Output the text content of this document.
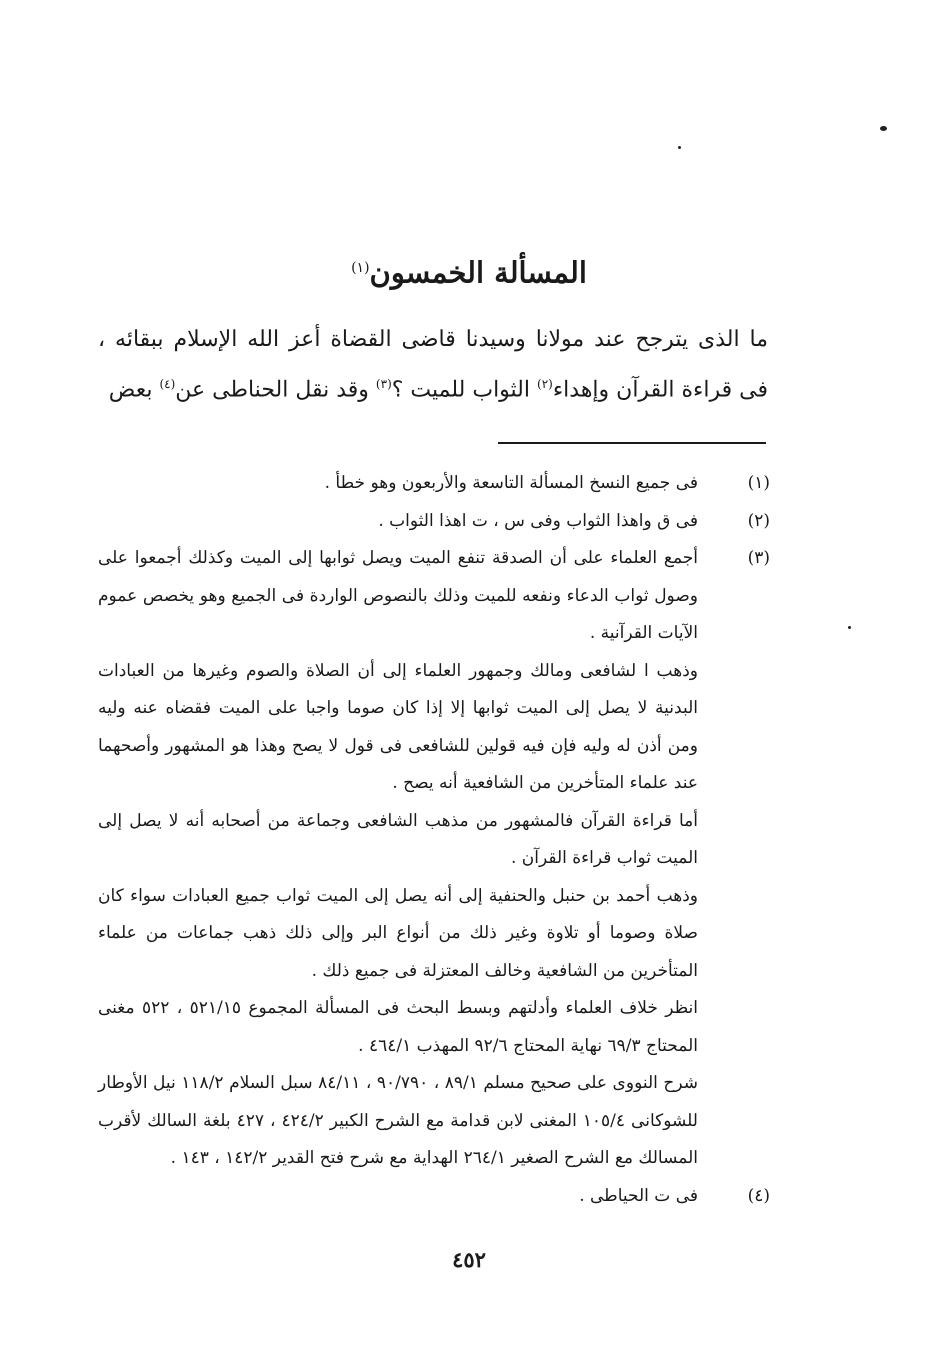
المسألة الخمسون$^{(١)}$
ما الذى يترجح عند مولانا وسيدنا قاضى القضاة أعز الله الإسلام ببقائه ، فى قراءة القرآن وإهداء$^{(٢)}$ الثواب للميت ؟$^{(٣)}$ وقد نقل الحناطى عن$^{(٤)}$ بعض
(١)

فى جميع النسخ المسألة التاسعة والأربعون وهو خطأ .

(٢)

فى ق واهذا الثواب وفى س ، ت اهذا الثواب .

(٣)

أجمع العلماء على أن الصدقة تنفع الميت ويصل ثوابها إلى الميت وكذلك أجمعوا على وصول ثواب الدعاء ونفعه للميت وذلك بالنصوص الواردة فى الجميع وهو يخصص عموم الآيات القرآنية .

وذهب ا لشافعى ومالك وجمهور العلماء إلى أن الصلاة والصوم وغيرها من العبادات البدنية لا يصل إلى الميت ثوابها إلا إذا كان صوما واجبا على الميت فقضاه عنه وليه ومن أذن له وليه فإن فيه قولين للشافعى فى قول لا يصح وهذا هو المشهور وأصحهما عند علماء المتأخرين من الشافعية أنه يصح .

أما قراءة القرآن فالمشهور من مذهب الشافعى وجماعة من أصحابه أنه لا يصل إلى الميت ثواب قراءة القرآن .

وذهب أحمد بن حنبل والحنفية إلى أنه يصل إلى الميت ثواب جميع العبادات سواء كان صلاة وصوما أو تلاوة وغير ذلك من أنواع البر وإلى ذلك ذهب جماعات من علماء المتأخرين من الشافعية وخالف المعتزلة فى جميع ذلك .

انظر خلاف العلماء وأدلتهم وبسط البحث فى المسألة المجموع ٥٢١/١٥ ، ٥٢٢ مغنى المحتاج ٦٩/٣ نهاية المحتاج ٩٢/٦ المهذب ٤٦٤/١ .

شرح النووى على صحيح مسلم ٨٩/١ ، ٩٠/٧٩٠ ، ٨٤/١١ سبل السلام ١١٨/٢ نيل الأوطار للشوكانى ١٠٥/٤ المغنى لابن قدامة مع الشرح الكبير ٤٢٤/٢ ، ٤٢٧ بلغة السالك لأقرب المسالك مع الشرح الصغير ٢٦٤/١ الهداية مع شرح فتح القدير ١٤٢/٢ ، ١٤٣ .

(٤)

فى ت الحياطى .

٤٥٢
